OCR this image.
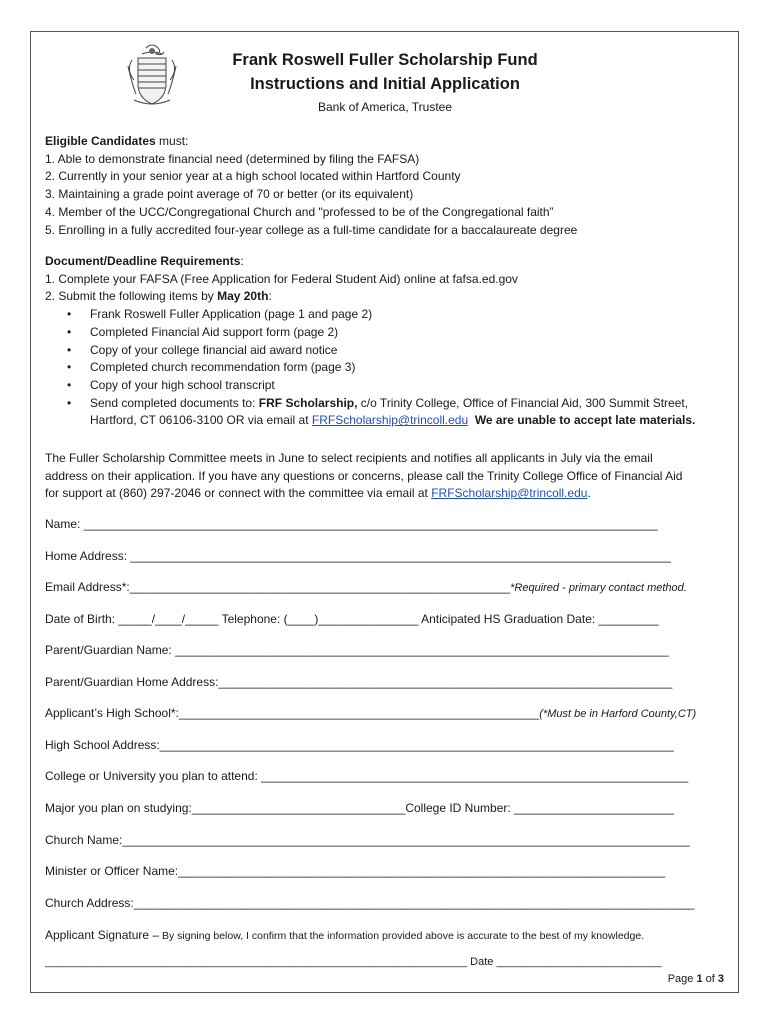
Frank Roswell Fuller Scholarship Fund
Instructions and Initial Application
Bank of America, Trustee

Eligible Candidates must:

1. Able to demonstrate financial need (determined by filing the FAFSA)

2. Currently in your senior year at a high school located within Hartford County

3. Maintaining a grade point average of 70 or better (or its equivalent)

4. Member of the UCC/Congregational Church and "professed to be of the Congregational faith”

5. Enrolling in a fully accredited four-year college as a full-time candidate for a baccalaureate degree

Document/Deadline Requirements:

1. Complete your FAFSA (Free Application for Federal Student Aid) online at fafsa.ed.gov

2. Submit the following items by May 20th:

• Frank Roswell Fuller Application (page 1 and page 2)
• Completed Financial Aid support form (page 2)
• Copy of your college financial aid award notice
• Completed church recommendation form (page 3)
• Copy of your high school transcript
• Send completed documents to: FRF Scholarship, c/o Trinity College, Office of Financial Aid, 300 Summit Street,
Hartford, CT 06106-3100 OR via email at FRFScholarship@trincoll.edu We are unable to accept late materials.
The Fuller Scholarship Committee meets in June to select recipients and notifies all applicants in July via the email
address on their application. If you have any questions or concerns, please call the Trinity College Office of Financial Aid
for support at (860) 297-2046 or connect with the committee via email at FRFScholarship@trincoll.edu.
Name: ______________________________________________________________________________________
Home Address: _________________________________________________________________________________
Email Address*:_________________________________________________________*Required - primary contact method.
Date of Birth: _____/____/_____ Telephone: (____)_______________ Anticipated HS Graduation Date: _________
Parent/Guardian Name: __________________________________________________________________________
Parent/Guardian Home Address:____________________________________________________________________
Applicant’s High School*:______________________________________________________(*Must be in Harford County,CT)
High School Address:_____________________________________________________________________________
College or University you plan to attend: ________________________________________________________________
Major you plan on studying:________________________________College ID Number: ________________________
Church Name:_____________________________________________________________________________________
Minister or Officer Name:_________________________________________________________________________
Church Address:____________________________________________________________________________________
Applicant Signature – By signing below, I confirm that the information provided above is accurate to the best of my knowledge.
_____________________________________________________________________ Date ___________________________
Page 1 of 3
